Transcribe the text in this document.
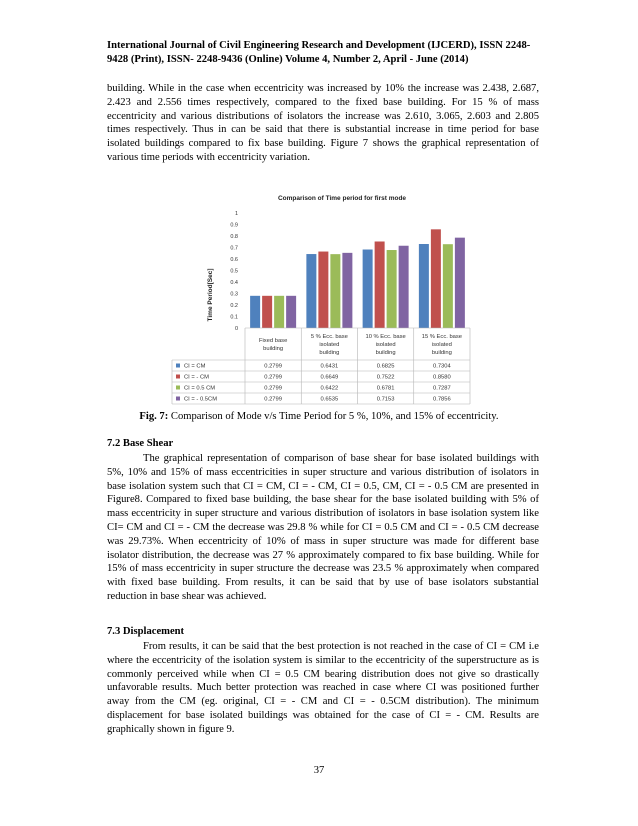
International Journal of Civil Engineering Research and Development (IJCERD), ISSN 2248-9428 (Print), ISSN- 2248-9436 (Online) Volume 4, Number 2, April - June (2014)

building. While in the case when eccentricity was increased by 10% the increase was 2.438, 2.687, 2.423 and 2.556 times respectively, compared to the fixed base building. For 15 % of mass eccentricity and various distributions of isolators the increase was 2.610, 3.065, 2.603 and 2.805 times respectively. Thus in can be said that there is substantial increase in time period for base isolated buildings compared to fix base building. Figure 7 shows the graphical representation of various time periods with eccentricity variation.

Comparison of Time period for first mode
Time Period[Sec]
0
0.1
0.2
0.3
0.4
0.5
0.6
0.7
0.8
0.9
1
Fixed base
building
5 % Ecc. base
isolated
building
10 % Ecc. base
isolated
building
15 % Ecc. base
isolated
building
CI = CM	0.2799	0.6431	0.6825	0.7304
CI = - CM	0.2799	0.6649	0.7522	0.8580
CI = 0.5 CM	0.2799	0.6422	0.6781	0.7287
CI = - 0.5CM	0.2799	0.6535	0.7153	0.7856

Fig. 7: Comparison of Mode v/s Time Period for 5 %, 10%, and 15% of eccentricity.

7.2 Base Shear

The graphical representation of comparison of base shear for base isolated buildings with 5%, 10% and 15% of mass eccentricities in super structure and various distribution of isolators in base isolation system such that CI = CM, CI = - CM, CI = 0.5, CM, CI = - 0.5 CM are presented in Figure8. Compared to fixed base building, the base shear for the base isolated building with 5% of mass eccentricity in super structure and various distribution of isolators in base isolation system like CI= CM and CI = - CM the decrease was 29.8 % while for CI = 0.5 CM and CI = - 0.5 CM decrease was 29.73%. When eccentricity of 10% of mass in super structure was made for different base isolator distribution, the decrease was 27 % approximately compared to fix base building. While for 15% of mass eccentricity in super structure the decrease was 23.5 % approximately when compared with fixed base building. From results, it can be said that by use of base isolators substantial reduction in base shear was achieved.

7.3 Displacement

From results, it can be said that the best protection is not reached in the case of CI = CM i.e where the eccentricity of the isolation system is similar to the eccentricity of the superstructure as is commonly perceived while when CI = 0.5 CM bearing distribution does not give so drastically unfavorable results. Much better protection was reached in case where CI was positioned further away from the CM (eg. original, CI = - CM and CI = - 0.5CM distribution). The minimum displacement for base isolated buildings was obtained for the case of CI = - CM. Results are graphically shown in figure 9.

37
